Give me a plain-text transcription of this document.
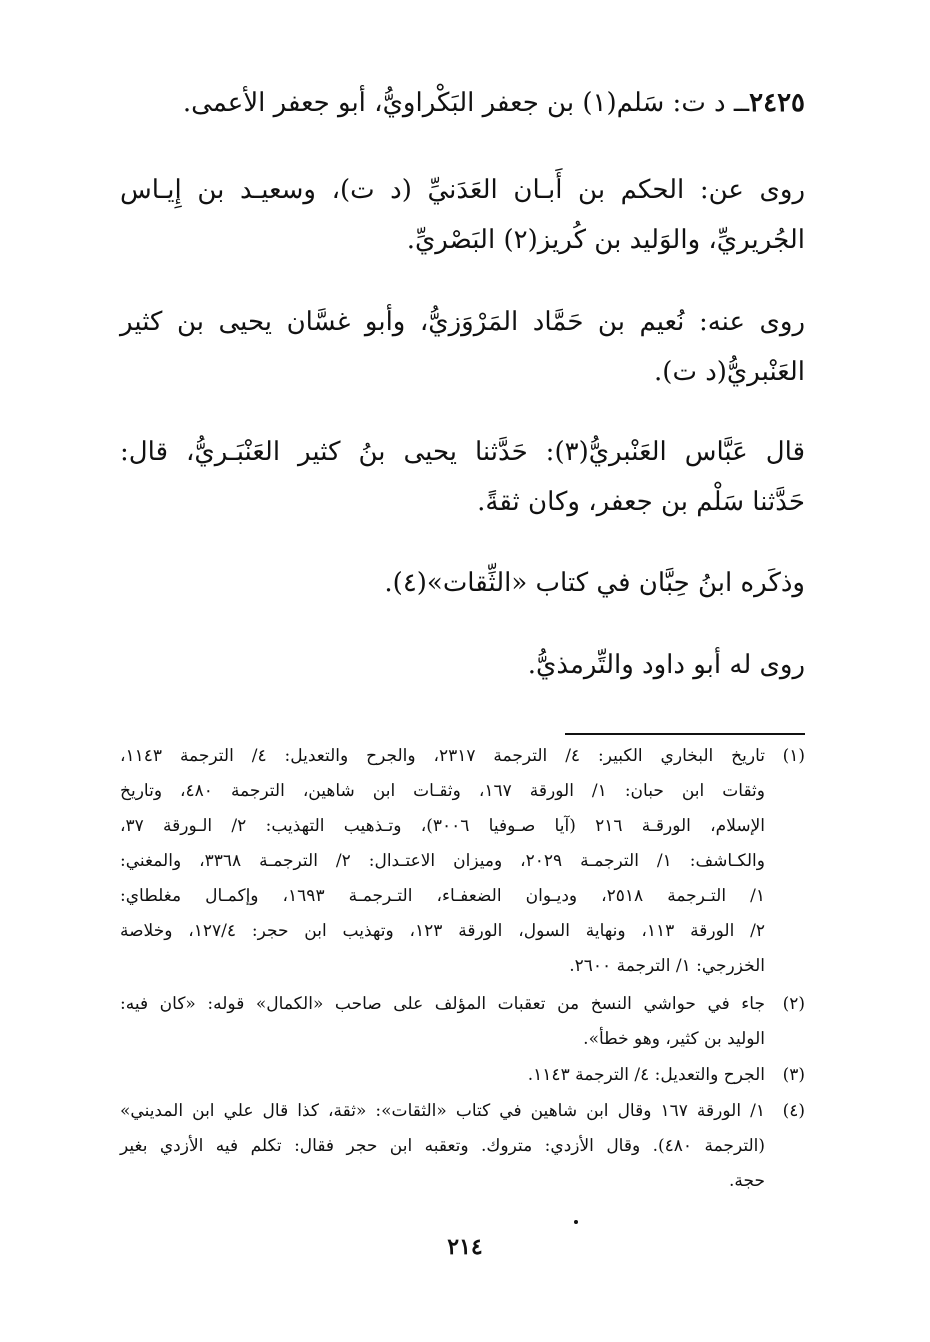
٢٤٢٥ــ د ت: سَلم(١) بن جعفر البَكْراويُّ، أبو جعفر الأعمى.
روى عن: الحكم بن أَبـان العَدَنيِّ (د ت)، وسعيـد بن إِيـاس
الجُريريِّ، والوَليد بن كُريز(٢) البَصْريِّ.
روى عنه: نُعيم بن حَمَّاد المَرْوَزيُّ، وأبو غسَّان يحيى بن كثير
العَنْبريُّ(د ت).
قال عَبَّاس العَنْبريُّ(٣): حَدَّثنا يحيى بنُ كثير العَنْبَـريُّ، قال:
حَدَّثنا سَلْم بن جعفر، وكان ثقةً.
وذكَره ابنُ حِبَّان في كتاب «الثِّقات»(٤).
روى له أبو داود والتِّرمذيُّ.
(١)
تاريخ البخاري الكبير: ٤/ الترجمة ٢٣١٧، والجرح والتعديل: ٤/ الترجمة ١١٤٣،
وثقات ابن حبان: ١/ الورقة ١٦٧، وثقـات ابن شاهين، الترجمة ٤٨٠، وتاريخ
الإسلام، الورقـة ٢١٦ (آيا صـوفيا ٣٠٠٦)، وتـذهيب التهذيب: ٢/ الـورقة ٣٧،
والكـاشف: ١/ الترجمـة ٢٠٢٩، وميزان الاعتـدال: ٢/ الترجمـة ٣٣٦٨، والمغني:
١/ التـرجمة ٢٥١٨، وديـوان الضعفـاء، التـرجمـة ١٦٩٣، وإكمـال مغلطاي:
٢/ الورقة ١١٣، ونهاية السول، الورقة ١٢٣، وتهذيب ابن حجر: ١٢٧/٤، وخلاصة
الخزرجي: ١/ الترجمة ٢٦٠٠.
(٢)
جاء في حواشي النسخ من تعقبات المؤلف على صاحب «الكمال» قوله: «كان فيه:
الوليد بن كثير، وهو خطأ».
(٣)
الجرح والتعديل: ٤/ الترجمة ١١٤٣.
(٤)
١/ الورقة ١٦٧ وقال ابن شاهين في كتاب «الثقات»: «ثقة، كذا قال علي ابن المديني»
(الترجمة ٤٨٠). وقال الأزدي: متروك. وتعقبه ابن حجر فقال: تكلم فيه الأزدي بغير
حجة.
٢١٤
